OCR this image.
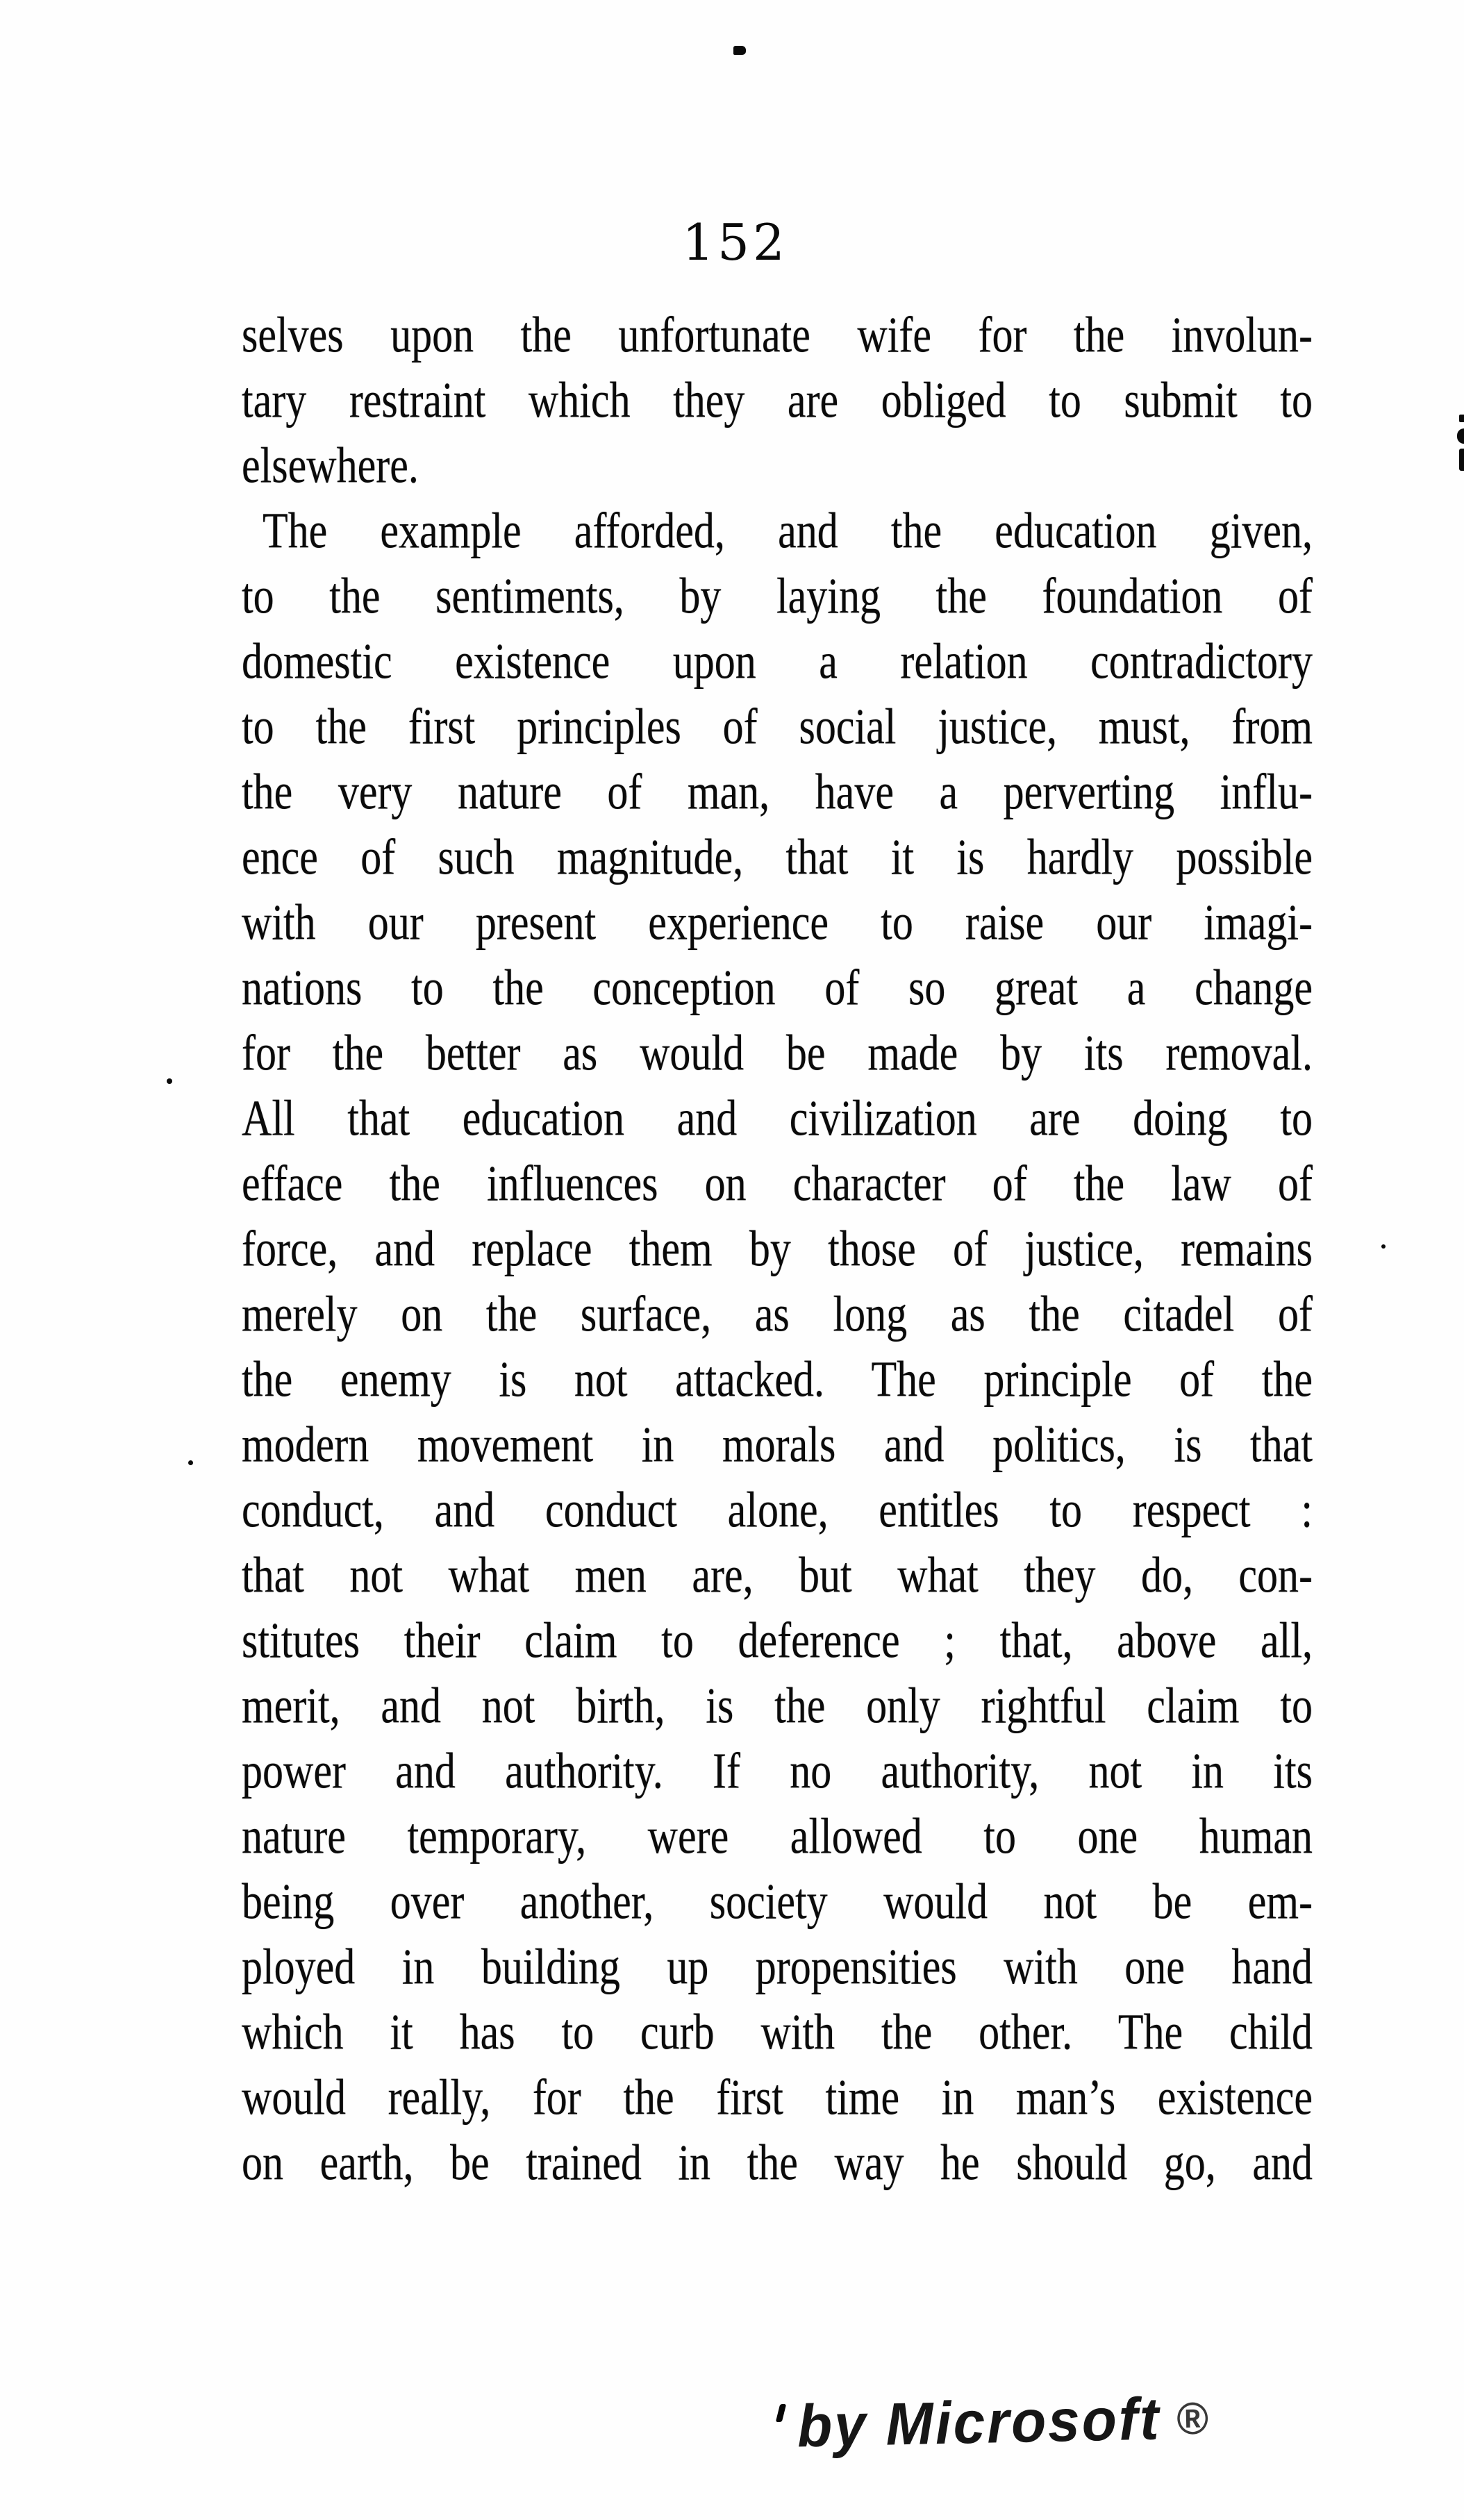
152
selves upon the unfortunate wife for the involun-
tary restraint which they are obliged to submit to
elsewhere.
The example afforded, and the education given,
to the sentiments, by laying the foundation of
domestic existence upon a relation contradictory
to the first principles of social justice, must, from
the very nature of man, have a perverting influ-
ence of such magnitude, that it is hardly possible
with our present experience to raise our imagi-
nations to the conception of so great a change
for the better as would be made by its removal.
All that education and civilization are doing to
efface the influences on character of the law of
force, and replace them by those of justice, remains
merely on the surface, as long as the citadel of
the enemy is not attacked. The principle of the
modern movement in morals and politics, is that
conduct, and conduct alone, entitles to respect :
that not what men are, but what they do, con-
stitutes their claim to deference ; that, above all,
merit, and not birth, is the only rightful claim to
power and authority. If no authority, not in its
nature temporary, were allowed to one human
being over another, society would not be em-
ployed in building up propensities with one hand
which it has to curb with the other. The child
would really, for the first time in man’s existence
on earth, be trained in the way he should go, and
by Microsoft ®
